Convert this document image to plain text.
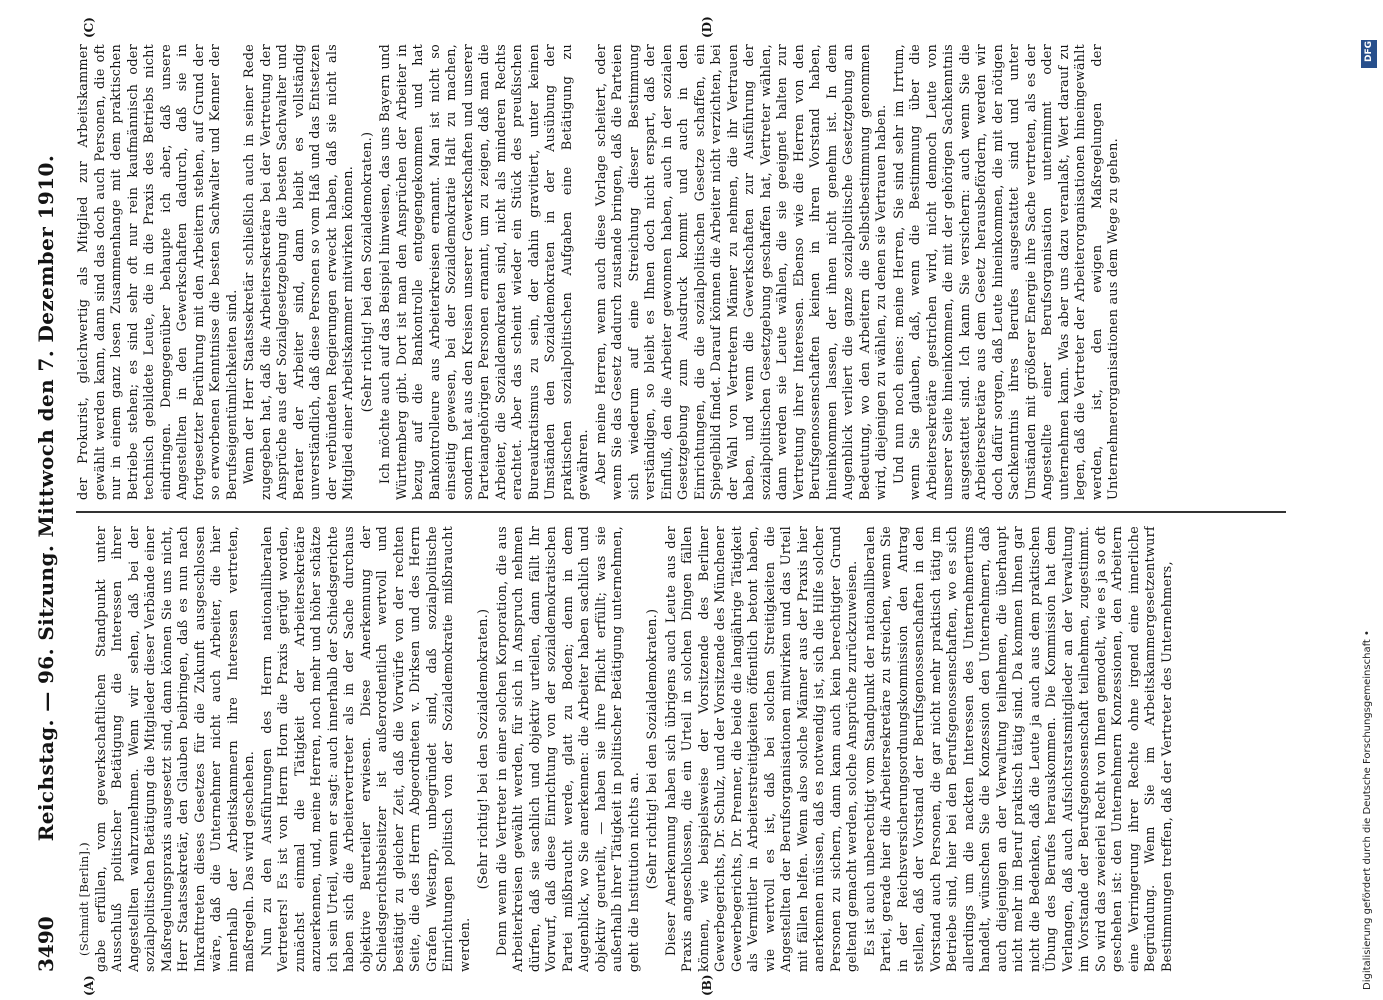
3490
Reichstag. — 96. Sitzung. Mittwoch den 7. Dezember 1910.
(A)	(B)
(C)	(D)

(Schmidt [Berlin].) gabe erfüllen, vom gewerkschaftlichen Standpunkt unter Ausschluß politischer Betätigung die Interessen ihrer Angestellten wahrzunehmen. Wenn wir sehen, daß bei der sozialpolitischen Betätigung die Mitglieder dieser Verbände einer Maßregelungspraxis ausgesetzt sind, dann können Sie uns nicht, Herr Staatssekretär, den Glauben beibringen, daß es nun nach Inkrafttreten dieses Gesetzes für die Zukunft ausgeschlossen wäre, daß die Unternehmer nicht auch Arbeiter, die hier innerhalb der Arbeitskammern ihre Interessen vertreten, maßregeln. Das wird geschehen. Nun zu den Ausführungen des Herrn nationalliberalen Vertreters! Es ist von Herrn Horn die Praxis gerügt worden, zunächst einmal die Tätigkeit der Arbeitersekretäre anzuerkennen, und, meine Herren, noch mehr und höher schätze ich sein Urteil, wenn er sagt: auch innerhalb der Schiedsgerichte haben sich die Arbeitervertreter als in der Sache durchaus objektive Beurteiler erwiesen. Diese Anerkennung der Schiedsgerichtsbeisitzer ist außerordentlich wertvoll und bestätigt zu gleicher Zeit, daß die Vorwürfe von der rechten Seite, die des Herrn Abgeordneten v. Dirksen und des Herrn Grafen Westarp, unbegründet sind, daß sozialpolitische Einrichtungen politisch von der Sozialdemokratie mißbraucht werden.

(Sehr richtig! bei den Sozialdemokraten.) Denn wenn die Vertreter in einer solchen Korporation, die aus Arbeiterkreisen gewählt werden, für sich in Anspruch nehmen dürfen, daß sie sachlich und objektiv urteilen, dann fällt Ihr Vorwurf, daß diese Einrichtung von der sozialdemokratischen Partei mißbraucht werde, glatt zu Boden; denn in dem Augenblick, wo Sie anerkennen: die Arbeiter haben sachlich und objektiv geurteilt, — haben sie ihre Pflicht erfüllt; was sie außerhalb ihrer Tätigkeit in politischer Betätigung unternehmen, geht die Institution nichts an. (Sehr richtig! bei den Sozialdemokraten.) Dieser Anerkennung haben sich übrigens auch Leute aus der Praxis angeschlossen, die ein Urteil in solchen Dingen fällen können, wie beispielsweise der Vorsitzende des Berliner Gewerbegerichts, Dr. Schulz, und der Vorsitzende des Münchener Gewerbegerichts, Dr. Prenner, die beide die langjährige Tätigkeit als Vermittler in Arbeiterstreitigkeiten öffentlich betont haben, wie wertvoll es ist, daß bei solchen Streitigkeiten die Angestellten der Berufsorganisationen mitwirken und das Urteil mit fällen helfen. Wenn also solche Männer aus der Praxis hier anerkennen müssen, daß es notwendig ist, sich die Hilfe solcher Personen zu sichern, dann kann auch kein berechtigter Grund geltend gemacht werden, solche Ansprüche zurückzuweisen. Es ist auch unberechtigt vom Standpunkt der nationalliberalen Partei, gerade hier die Arbeitersekretäre zu streichen, wenn Sie in der Reichsversicherungsordnungskommission den Antrag stellen, daß der Vorstand der Berufsgenossenschaften in den Vorstand auch Personen, die gar nicht mehr praktisch tätig im Betriebe sind, hier bei den Berufsgenossenschaften, wo es sich allerdings um die nackten Interessen des Unternehmertums handelt, wünschen Sie die Konzession den Unternehmern, daß auch diejenigen an der Verwaltung teilnehmen, die überhaupt nicht mehr im Beruf praktisch tätig sind. Da kommen Ihnen gar nicht die Bedenken, daß die Leute ja auch aus dem praktischen Übung des Berufes herauskommen. Die Kommission hat dem Verlangen, daß auch Aufsichtsratsmitglieder an der Verwaltung im Vorstande der Berufsgenossenschaft teilnehmen, zugestimmt. So wird das zweierlei Recht von Ihnen gemodelt, wie es ja so oft geschehen ist: den Unternehmern Konzessionen, den Arbeitern eine Verringerung ihrer Rechte ohne irgend eine innerliche Begründung. Wenn Sie im Arbeitskammergesetzentwurf Bestimmungen treffen, daß der Vertreter des Unternehmers,

der Prokurist, gleichwertig als Mitglied zur Arbeitskammer gewählt werden kann, dann sind das doch auch Personen, die oft nur in einem ganz losen Zusammenhange mit dem praktischen Betriebe stehen; es sind sehr oft nur rein kaufmännisch oder technisch gebildete Leute, die in die Praxis des Betriebs nicht eindringen. Demgegenüber behaupte ich aber, daß unsere Angestellten in den Gewerkschaften dadurch, daß sie in fortgesetzter Berührung mit den Arbeitern stehen, auf Grund der so erworbenen Kenntnisse die besten Sachwalter und Kenner der Berufseigentümlichkeiten sind. Wenn der Herr Staatssekretär schließlich auch in seiner Rede zugegeben hat, daß die Arbeitersekretäre bei der Vertretung der Ansprüche aus der Sozialgesetzgebung die besten Sachwalter und Berater der Arbeiter sind, dann bleibt es vollständig unverständlich, daß diese Personen so vom Haß und das Entsetzen der verbündeten Regierungen erweckt haben, daß sie nicht als Mitglied einer Arbeitskammer mitwirken können. (Sehr richtig! bei den Sozialdemokraten.) Ich möchte auch auf das Beispiel hinweisen, das uns Bayern und Württemberg gibt. Dort ist man den Ansprüchen der Arbeiter in bezug auf die Bankontrolle entgegengekommen und hat Bankontrolleure aus Arbeiterkreisen ernannt. Man ist nicht so einseitig gewesen, bei der Sozialdemokratie Halt zu machen, sondern hat aus den Kreisen unserer Gewerkschaften und unserer Parteiangehörigen Personen ernannt, um zu zeigen, daß man die Arbeiter, die Sozialdemokraten sind, nicht als minderen Rechts erachtet. Aber das scheint wieder ein Stück des preußischen Bureaukratismus zu sein, der dahin gravitiert, unter keinen Umständen den Sozialdemokraten in der Ausübung der praktischen sozialpolitischen Aufgaben eine Betätigung zu gewähren. Aber meine Herren, wenn auch diese Vorlage scheitert, oder wenn Sie das Gesetz dadurch zustande bringen, daß die Parteien sich wiederum auf eine Streichung dieser Bestimmung verständigen, so bleibt es Ihnen doch nicht erspart, daß der Einfluß, den die Arbeiter gewonnen haben, auch in der sozialen Gesetzgebung zum Ausdruck kommt und auch in den Einrichtungen, die die sozialpolitischen Gesetze schaffen, ein Spiegelbild findet. Darauf können die Arbeiter nicht verzichten, bei der Wahl von Vertretern Männer zu nehmen, die ihr Vertrauen haben, und wenn die Gewerkschaften zur Ausführung der sozialpolitischen Gesetzgebung geschaffen hat, Vertreter wählen, dann werden sie Leute wählen, die sie geeignet halten zur Vertretung ihrer Interessen. Ebenso wie die Herren von den Berufsgenossenschaften keinen in ihren Vorstand haben, hineinkommen lassen, der ihnen nicht genehm ist. In dem Augenblick verliert die ganze sozialpolitische Gesetzgebung an Bedeutung, wo den Arbeitern die Selbstbestimmung genommen wird, diejenigen zu wählen, zu denen sie Vertrauen haben. Und nun noch eines: meine Herren, Sie sind sehr im Irrtum, wenn Sie glauben, daß, wenn die Bestimmung über die Arbeitersekretäre gestrichen wird, nicht dennoch Leute von unserer Seite hineinkommen, die mit der gehörigen Sachkenntnis ausgestattet sind. Ich kann Sie versichern: auch wenn Sie die Arbeitersekretäre aus dem Gesetz herausbefördern, werden wir doch dafür sorgen, daß Leute hineinkommen, die mit der nötigen Sachkenntnis ihres Berufes ausgestattet sind und unter Umständen mit größerer Energie ihre Sache vertreten, als es der Angestellte einer Berufsorganisation unternimmt oder unternehmen kann. Was aber uns dazu veranlaßt, Wert darauf zu legen, daß die Vertreter der Arbeiterorganisationen hineingewählt werden, ist, den ewigen Maßregelungen der Unternehmerorganisationen aus dem Wege zu gehen.

Digitalisierung gefördert durch die Deutsche Forschungsgemeinschaft •
DFG
